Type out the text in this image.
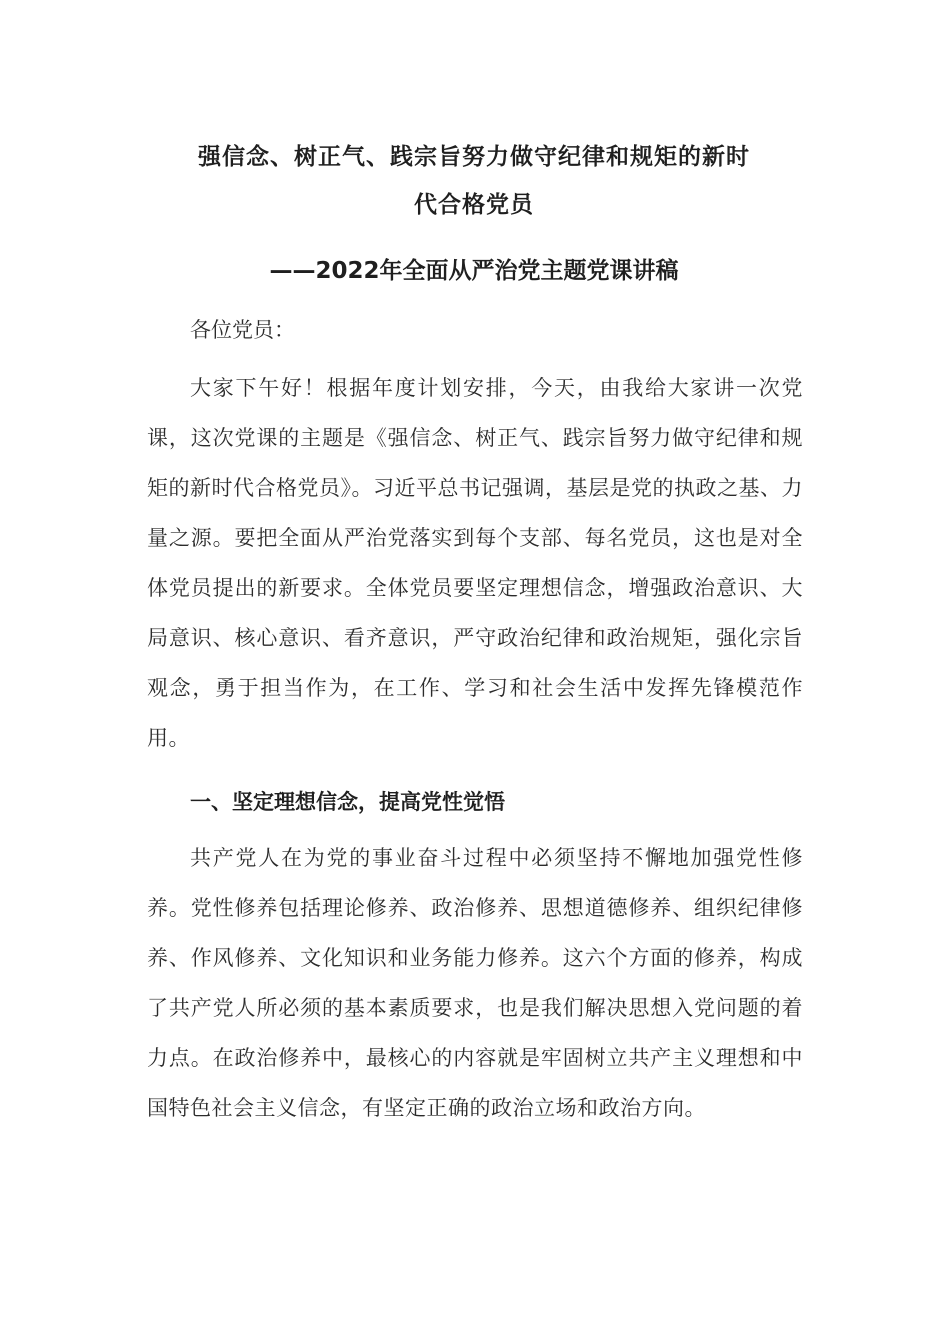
强信念、树正气、践宗旨努力做守纪律和规矩的新时
代合格党员
——2022年全面从严治党主题党课讲稿

各位党员：

大家下午好！根据年度计划安排，今天，由我给大家讲一次党课，这次党课的主题是《强信念、树正气、践宗旨努力做守纪律和规矩的新时代合格党员》。习近平总书记强调，基层是党的执政之基、力量之源。要把全面从严治党落实到每个支部、每名党员，这也是对全体党员提出的新要求。全体党员要坚定理想信念，增强政治意识、大局意识、核心意识、看齐意识，严守政治纪律和政治规矩，强化宗旨观念，勇于担当作为，在工作、学习和社会生活中发挥先锋模范作用。

一、坚定理想信念，提高党性觉悟

共产党人在为党的事业奋斗过程中必须坚持不懈地加强党性修养。党性修养包括理论修养、政治修养、思想道德修养、组织纪律修养、作风修养、文化知识和业务能力修养。这六个方面的修养，构成了共产党人所必须的基本素质要求，也是我们解决思想入党问题的着力点。在政治修养中，最核心的内容就是牢固树立共产主义理想和中国特色社会主义信念，有坚定正确的政治立场和政治方向。
